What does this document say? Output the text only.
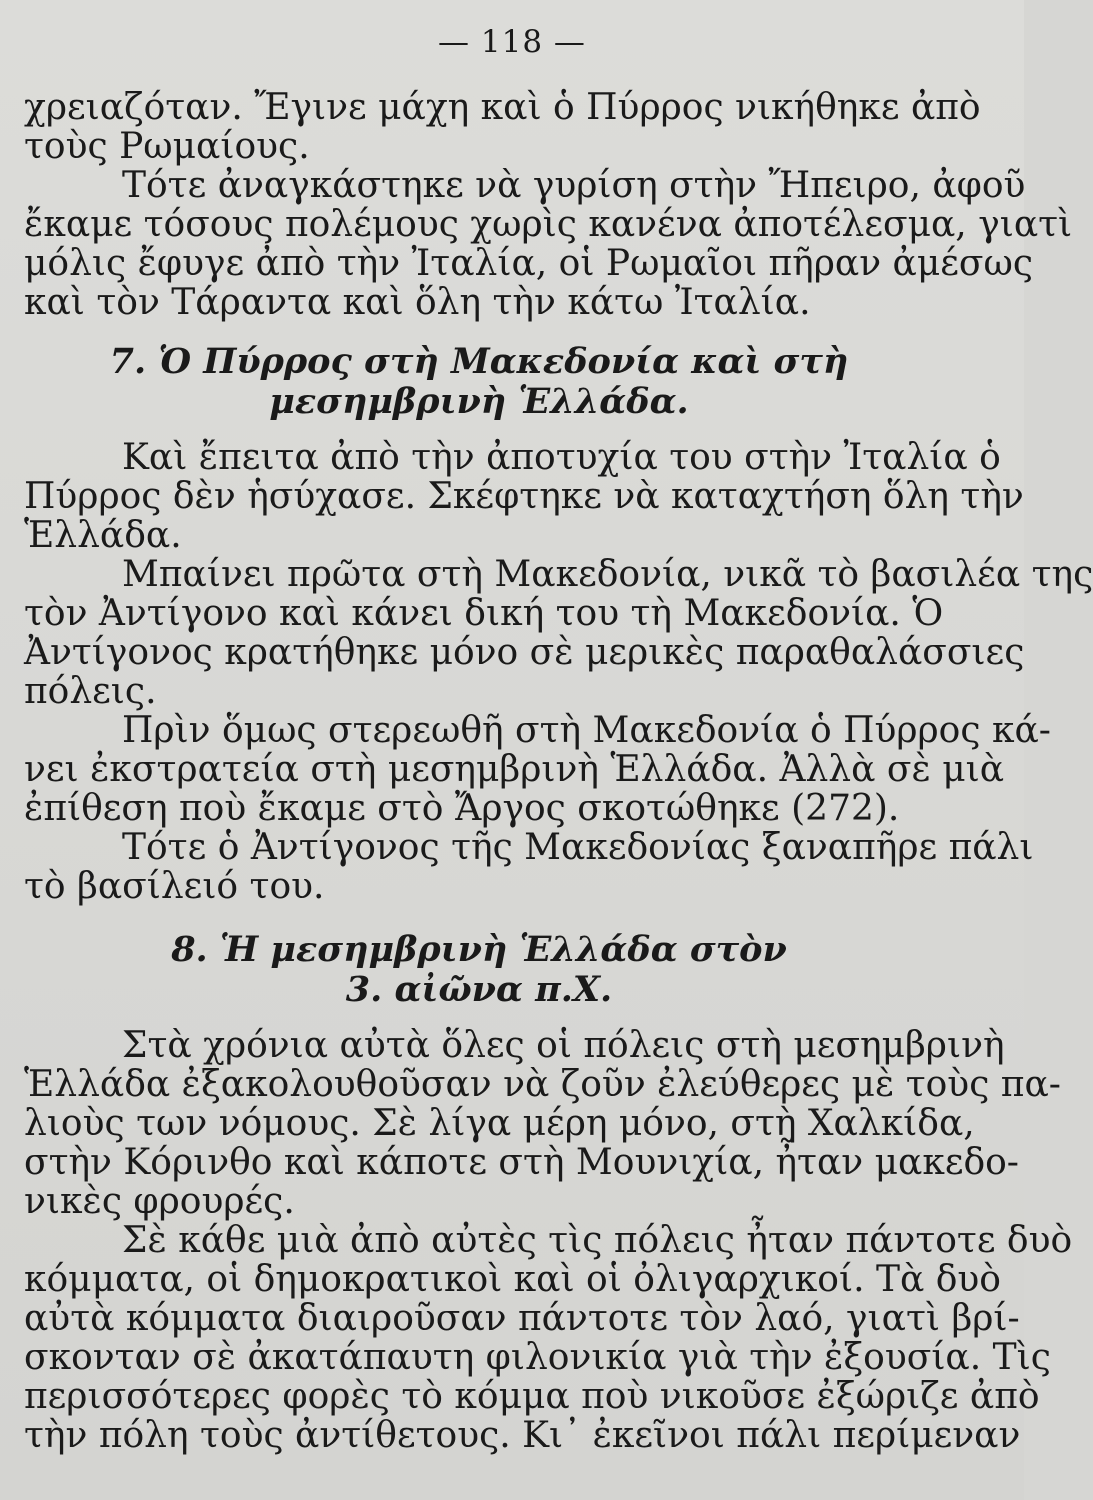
— 118 —
χρειαζόταν. Ἔγινε μάχη καὶ ὁ Πύρρος νικήθηκε ἀπὸ
τοὺς Ρωμαίους.
Τότε ἀναγκάστηκε νὰ γυρίση στὴν Ἤπειρο, ἀφοῦ
ἔκαμε τόσους πολέμους χωρὶς κανένα ἀποτέλεσμα, γιατὶ
μόλις ἔφυγε ἀπὸ τὴν Ἰταλία, οἱ Ρωμαῖοι πῆραν ἀμέσως
καὶ τὸν Τάραντα καὶ ὅλη τὴν κάτω Ἰταλία.
7. Ὁ Πύρρος στὴ Μακεδονία καὶ στὴ
μεσημβρινὴ Ἑλλάδα.
Καὶ ἔπειτα ἀπὸ τὴν ἀποτυχία του στὴν Ἰταλία ὁ
Πύρρος δὲν ἡσύχασε. Σκέφτηκε νὰ καταχτήση ὅλη τὴν
Ἑλλάδα.
Μπαίνει πρῶτα στὴ Μακεδονία, νικᾶ τὸ βασιλέα της
τὸν Ἀντίγονο καὶ κάνει δική του τὴ Μακεδονία. Ὁ
Ἀντίγονος κρατήθηκε μόνο σὲ μερικὲς παραθαλάσσιες
πόλεις.
Πρὶν ὅμως στερεωθῆ στὴ Μακεδονία ὁ Πύρρος κά-
νει ἐκστρατεία στὴ μεσημβρινὴ Ἑλλάδα. Ἀλλὰ σὲ μιὰ
ἐπίθεση ποὺ ἔκαμε στὸ Ἄργος σκοτώθηκε (272).
Τότε ὁ Ἀντίγονος τῆς Μακεδονίας ξαναπῆρε πάλι
τὸ βασίλειό του.
8. Ἡ μεσημβρινὴ Ἑλλάδα στὸν
3. αἰῶνα π.Χ.
Στὰ χρόνια αὐτὰ ὅλες οἱ πόλεις στὴ μεσημβρινὴ
Ἑλλάδα ἐξακολουθοῦσαν νὰ ζοῦν ἐλεύθερες μὲ τοὺς πα-
λιοὺς των νόμους. Σὲ λίγα μέρη μόνο, στὴ Χαλκίδα,
στὴν Κόρινθο καὶ κάποτε στὴ Μουνιχία, ἦταν μακεδο-
νικὲς φρουρές.
Σὲ κάθε μιὰ ἀπὸ αὐτὲς τὶς πόλεις ἦταν πάντοτε δυὸ
κόμματα, οἱ δημοκρατικοὶ καὶ οἱ ὀλιγαρχικοί. Τὰ δυὸ
αὐτὰ κόμματα διαιροῦσαν πάντοτε τὸν λαό, γιατὶ βρί-
σκονταν σὲ ἀκατάπαυτη φιλονικία γιὰ τὴν ἐξουσία. Τὶς
περισσότερες φορὲς τὸ κόμμα ποὺ νικοῦσε ἐξώριζε ἀπὸ
τὴν πόλη τοὺς ἀντίθετους. Κι᾽ ἐκεῖνοι πάλι περίμεναν
